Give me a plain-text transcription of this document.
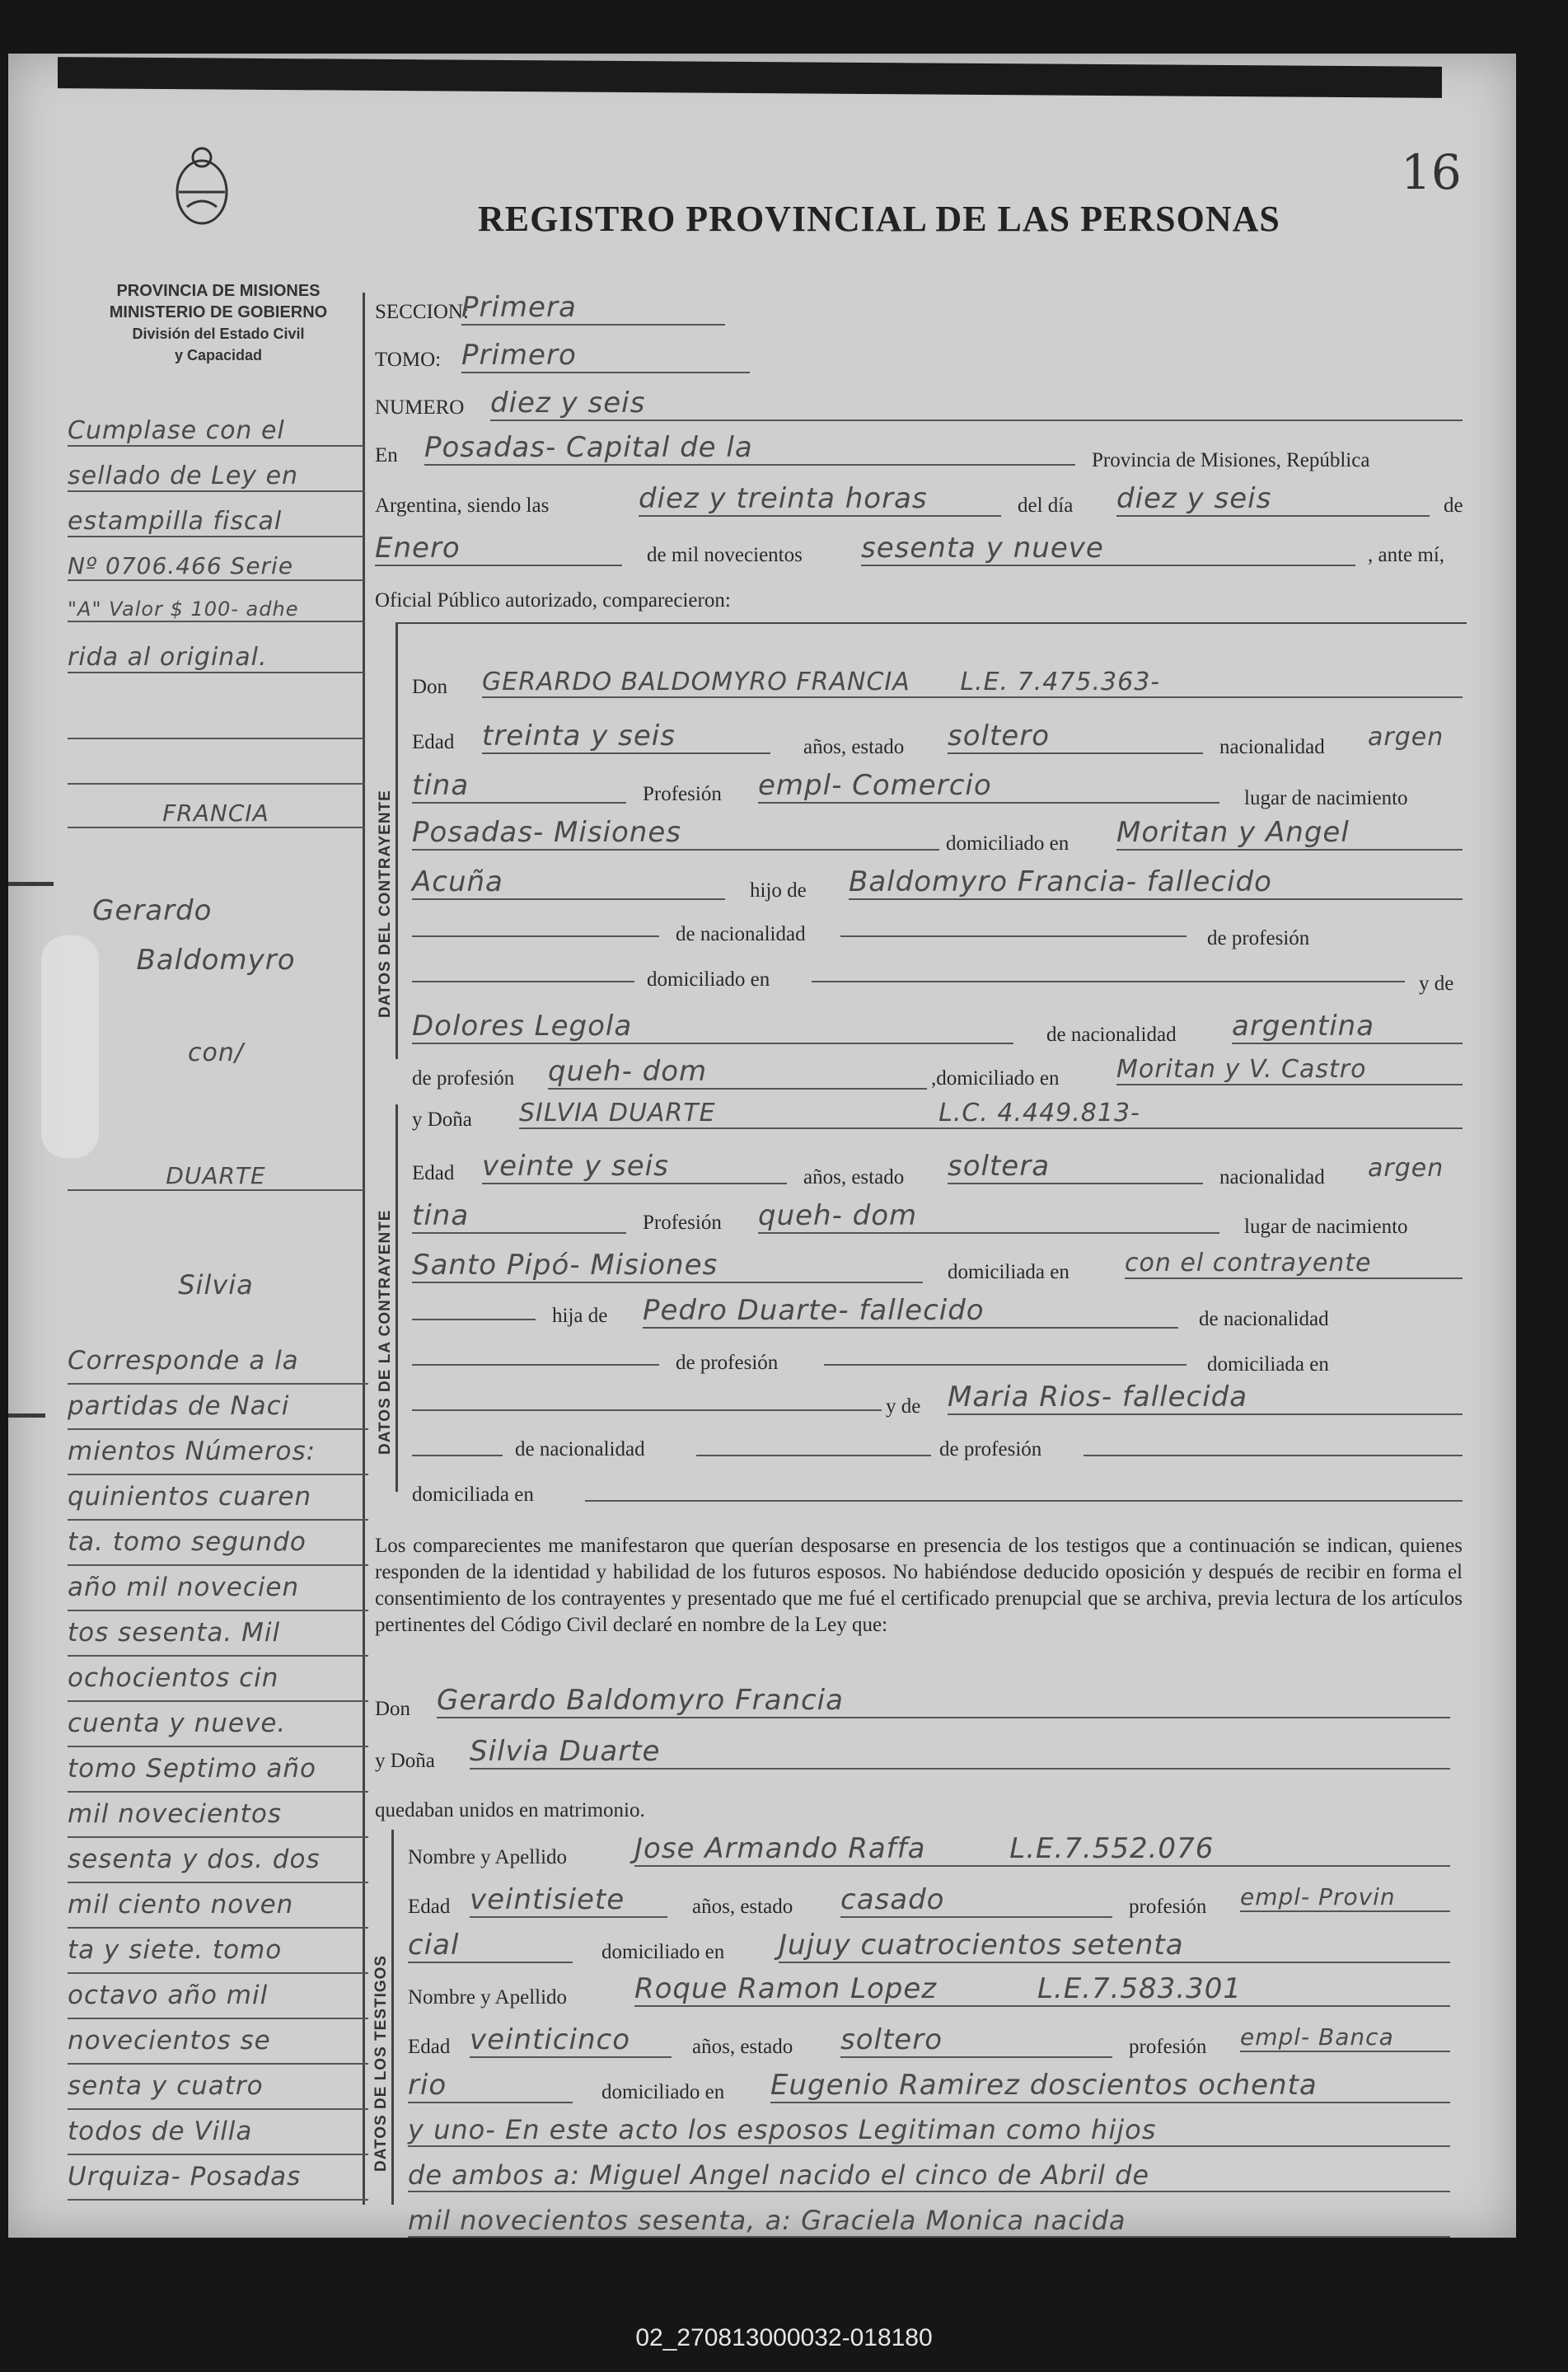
16
REGISTRO PROVINCIAL DE LAS PERSONAS
PROVINCIA DE MISIONES
MINISTERIO DE GOBIERNO
División del Estado Civil
y Capacidad
SECCION:
Primera
TOMO: Primero
NUMERO diez y seis
En Posadas- Capital de la	Provincia de Misiones, República
Argentina, siendo las	diez y treinta horas	del día diez y seis	de
Enero	de mil novecientos sesenta y nueve	, ante mí,
Oficial Público autorizado, comparecieron:
DATOS DEL CONTRAYENTE
Don GERARDO BALDOMYRO FRANCIA L.E. 7.475.363-
Edad treinta y seis	años, estado soltero	nacionalidad argen
tina	Profesión empl- Comercio	lugar de nacimiento
Posadas- Misiones	domiciliado en Moritan y Angel
Acuña	hijo de Baldomyro Francia- fallecido
de nacionalidad	de profesión
domiciliado en	y de
Dolores Legola	de nacionalidad argentina
de profesión queh- dom	,domiciliado en Moritan y V. Castro
DATOS DE LA CONTRAYENTE
y Doña SILVIA DUARTE	L.C. 4.449.813-
Edad veinte y seis	años, estado soltera	nacionalidad argen
tina	Profesión queh- dom	lugar de nacimiento
Santo Pipó- Misiones	domiciliada en con el contrayente
hija de Pedro Duarte- fallecido	de nacionalidad
de profesión	domiciliada en
y de Maria Rios- fallecida
de nacionalidad	de profesión
domiciliada en
Los comparecientes me manifestaron que querían desposarse en presencia de los testigos que a continuación se indican, quienes responden de la identidad y habilidad de los futuros esposos. No habiéndose deducido oposición y después de recibir en forma el consentimiento de los contrayentes y presentado que me fué el certificado prenupcial que se archiva, previa lectura de los artículos pertinentes del Código Civil declaré en nombre de la Ley que:
Don Gerardo Baldomyro Francia
y Doña Silvia Duarte
quedaban unidos en matrimonio.
DATOS DE LOS TESTIGOS
Nombre y Apellido Jose Armando Raffa	L.E.7.552.076
Edad veintisiete	años, estado casado	profesión empl- Provin
cial	domiciliado en Jujuy cuatrocientos setenta
Nombre y Apellido Roque Ramon Lopez	L.E.7.583.301
Edad veinticinco	años, estado soltero	profesión empl- Banca
rio	domiciliado en Eugenio Ramirez doscientos ochenta
y uno- En este acto los esposos Legitiman como hijos
de ambos a: Miguel Angel nacido el cinco de Abril de
mil novecientos sesenta, a: Graciela Monica nacida
Cumplase con el
sellado de Ley en
estampilla fiscal
Nº 0706.466 Serie
"A" Valor $ 100- adhe
rida al original.
FRANCIA
Gerardo
Baldomyro
con/
DUARTE
Silvia
Corresponde a la
partidas de Naci
mientos Números:
quinientos cuaren
ta. tomo segundo
año mil novecien
tos sesenta. Mil
ochocientos cin
cuenta y nueve.
tomo Septimo año
mil novecientos
sesenta y dos. dos
mil ciento noven
ta y siete. tomo
octavo año mil
novecientos se
senta y cuatro
todos de Villa
Urquiza- Posadas
02_270813000032-018180
